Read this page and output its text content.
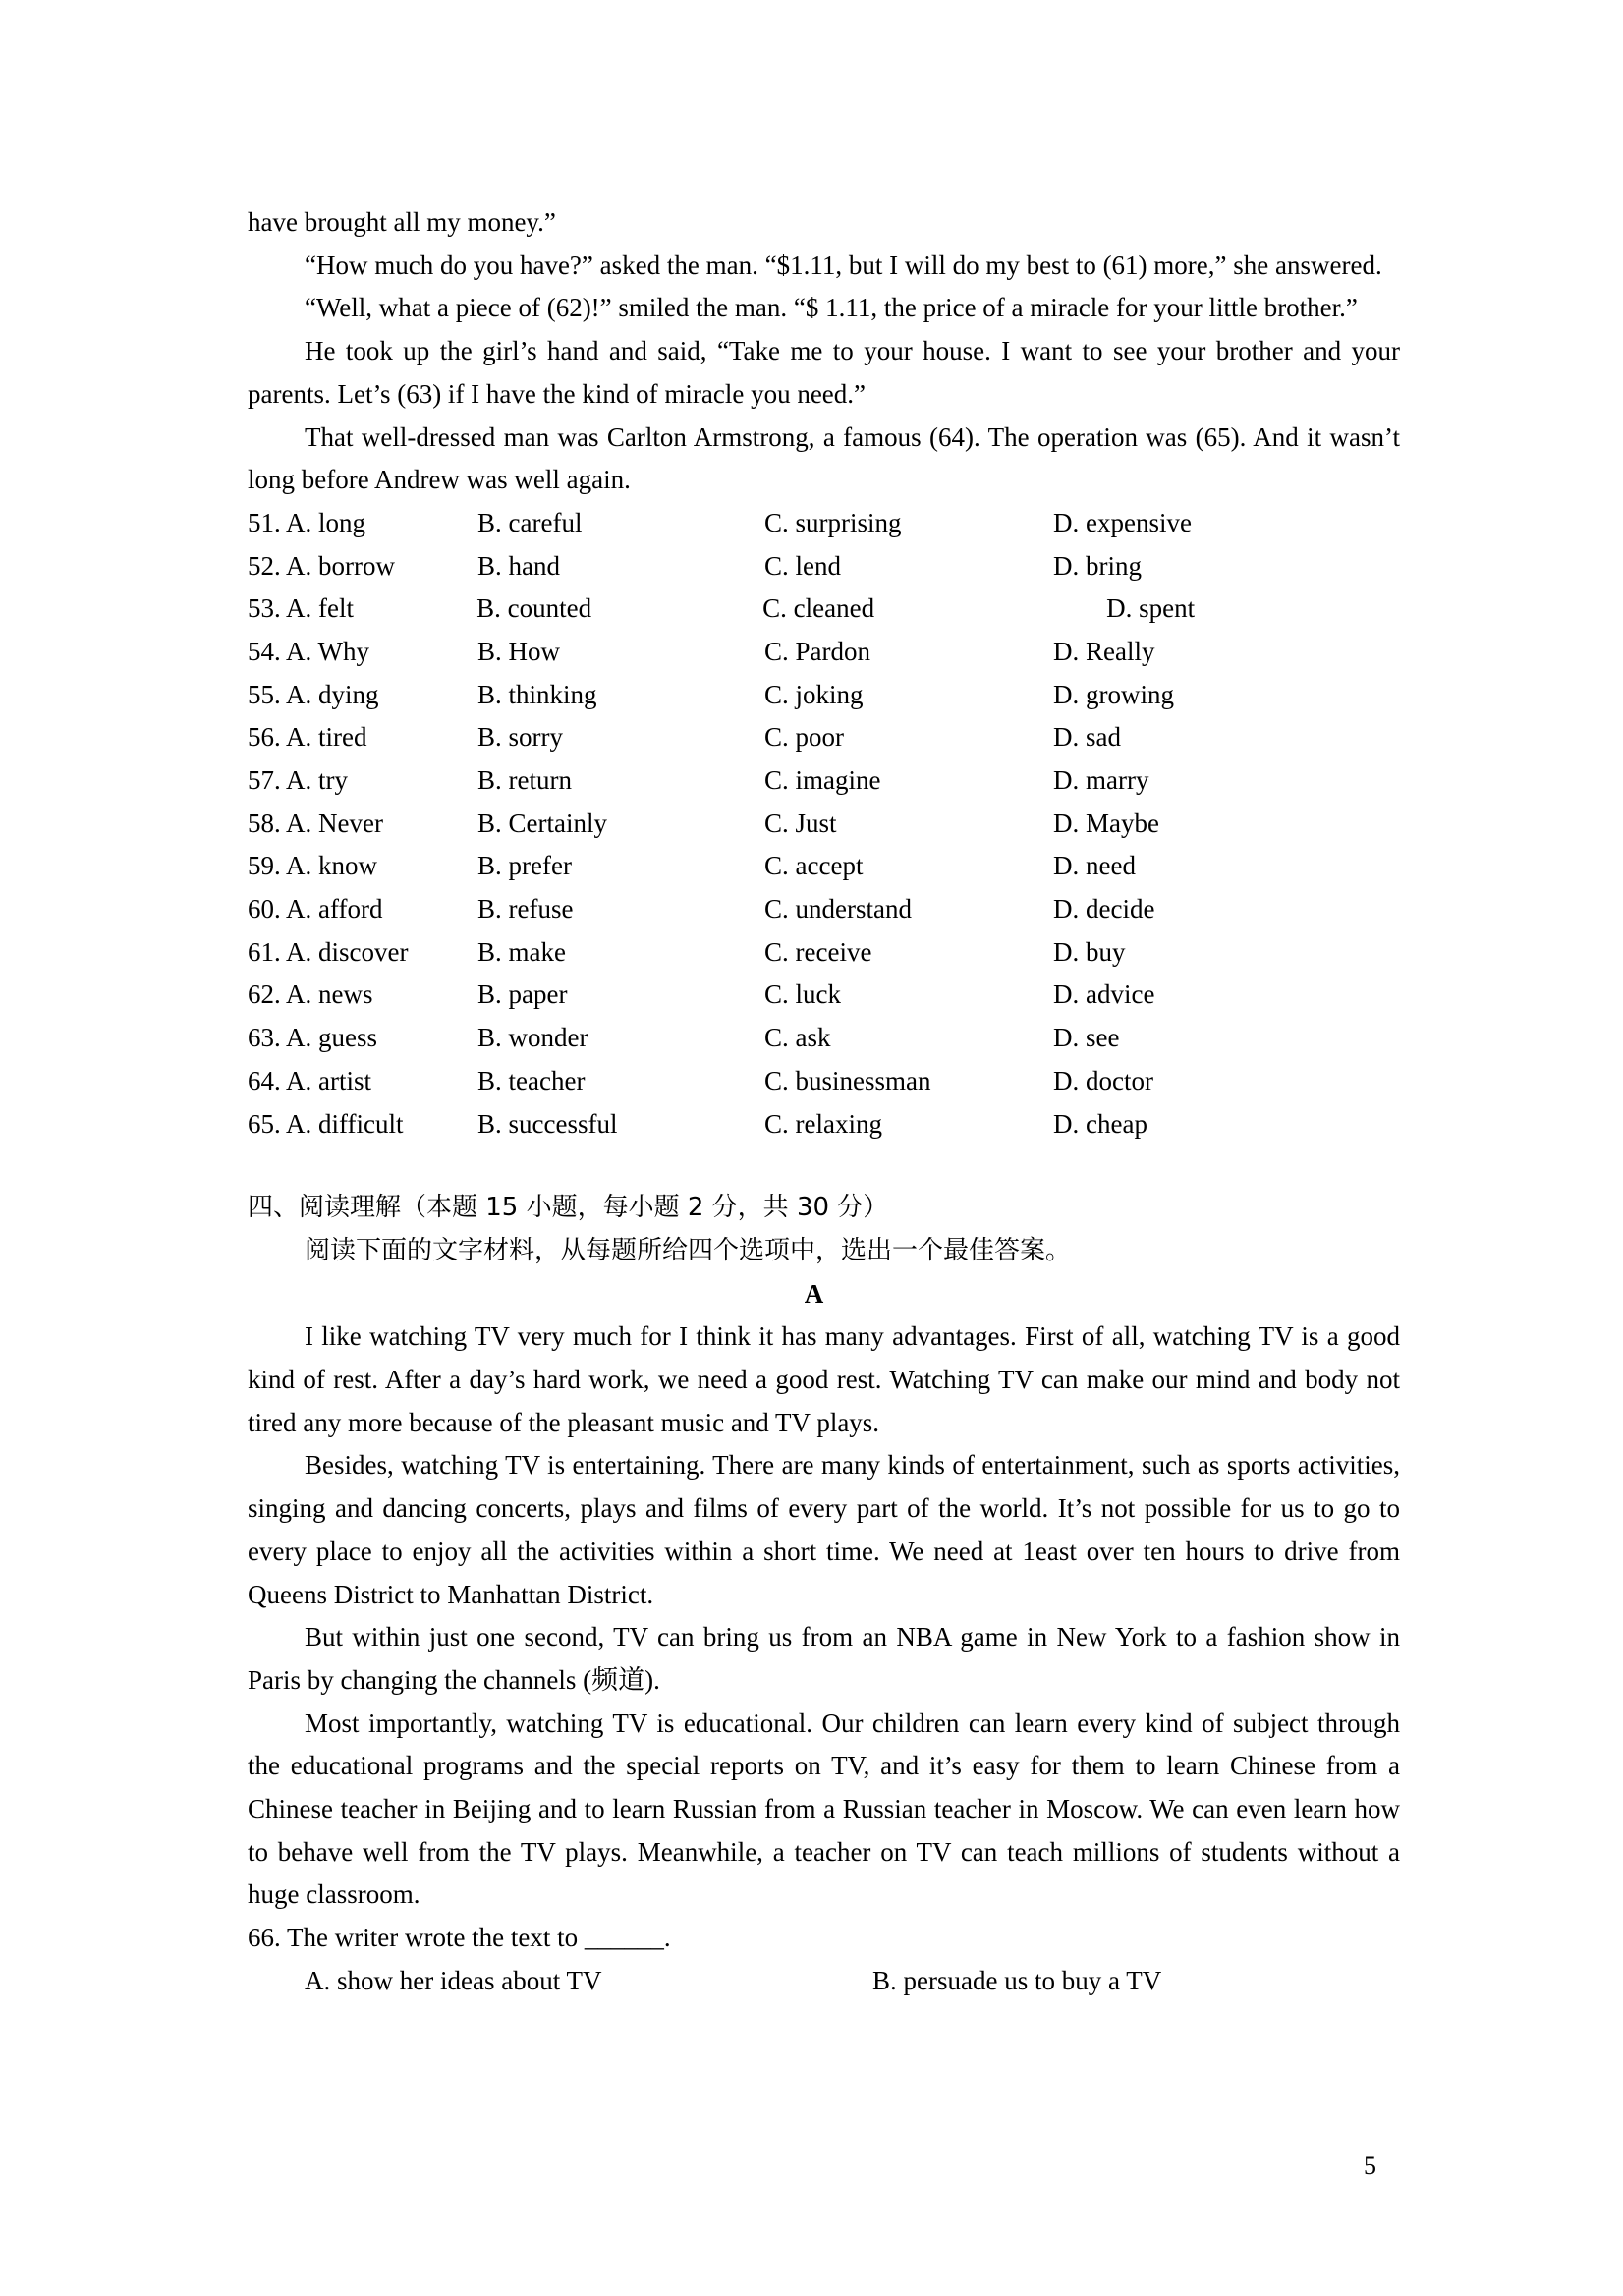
have brought all my money.”

“How much do you have?” asked the man. “$1.11, but I will do my best to (61) more,” she answered.

“Well, what a piece of (62)!” smiled the man. “$ 1.11, the price of a miracle for your little brother.”

He took up the girl’s hand and said, “Take me to your house. I want to see your brother and your parents. Let’s (63) if I have the kind of miracle you need.”

That well-dressed man was Carlton Armstrong, a famous (64). The operation was (65). And it wasn’t long before Andrew was well again.

51. A. long	B. careful	C. surprising	D. expensive
52. A. borrow	B. hand	C. lend	D. bring
53. A. felt	B. counted	C. cleaned	D. spent
54. A. Why	B. How	C. Pardon	D. Really
55. A. dying	B. thinking	C. joking	D. growing
56. A. tired	B. sorry	C. poor	D. sad
57. A. try	B. return	C. imagine	D. marry
58. A. Never	B. Certainly	C. Just	D. Maybe
59. A. know	B. prefer	C. accept	D. need
60. A. afford	B. refuse	C. understand	D. decide
61. A. discover	B. make	C. receive	D. buy
62. A. news	B. paper	C. luck	D. advice
63. A. guess	B. wonder	C. ask	D. see
64. A. artist	B. teacher	C. businessman	D. doctor
65. A. difficult	B. successful	C. relaxing	D. cheap

四、阅读理解（本题 15 小题，每小题 2 分，共 30 分）

阅读下面的文字材料，从每题所给四个选项中，选出一个最佳答案。

A

I like watching TV very much for I think it has many advantages. First of all, watching TV is a good kind of rest. After a day’s hard work, we need a good rest. Watching TV can make our mind and body not tired any more because of the pleasant music and TV plays.

Besides, watching TV is entertaining. There are many kinds of entertainment, such as sports activities, singing and dancing concerts, plays and films of every part of the world. It’s not possible for us to go to every place to enjoy all the activities within a short time. We need at 1east over ten hours to drive from Queens District to Manhattan District.

But within just one second, TV can bring us from an NBA game in New York to a fashion show in Paris by changing the channels (频道).

Most importantly, watching TV is educational. Our children can learn every kind of subject through the educational programs and the special reports on TV, and it’s easy for them to learn Chinese from a Chinese teacher in Beijing and to learn Russian from a Russian teacher in Moscow. We can even learn how to behave well from the TV plays. Meanwhile, a teacher on TV can teach millions of students without a huge classroom.

66. The writer wrote the text to ______.

A. show her ideas about TV	B. persuade us to buy a TV
5
